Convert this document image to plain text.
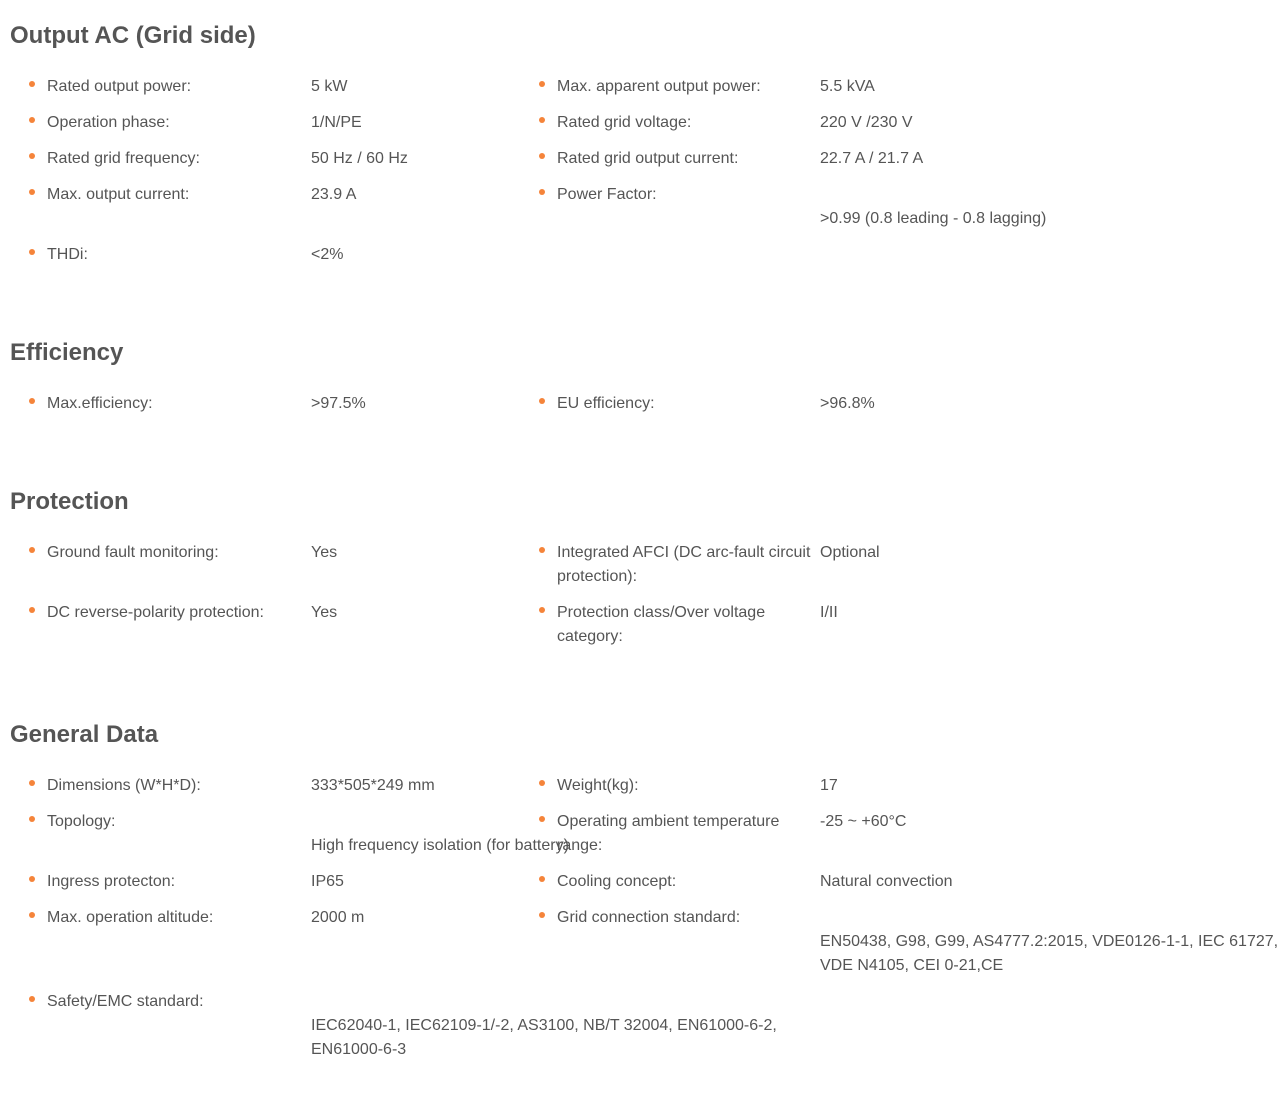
Output AC (Grid side)
Rated output power:	5 kW	Max. apparent output power:	5.5 kVA
Operation phase:	1/N/PE	Rated grid voltage:	220 V /230 V
Rated grid frequency:	50 Hz / 60 Hz	Rated grid output current:	22.7 A / 21.7 A
Max. output current:	23.9 A	Power Factor:
>0.99 (0.8 leading - 0.8 lagging)
THDi:	<2%
Efficiency
Max.efficiency:	>97.5%	EU efficiency:	>96.8%
Protection
Ground fault monitoring:	Yes	Integrated AFCI (DC arc-fault circuit protection):
Optional
DC reverse-polarity protection:	Yes	Protection class/Over voltage category:
I/II
General Data
Dimensions (W*H*D):	333*505*249 mm	Weight(kg):	17
Topology:
High frequency isolation (for battery)
Operating ambient temperature range:
-25 ~ +60°C
Ingress protecton:	IP65	Cooling concept:	Natural convection
Max. operation altitude:	2000 m	Grid connection standard:
EN50438, G98, G99, AS4777.2:2015, VDE0126-1-1, IEC 61727, VDE N4105, CEI 0-21,CE
Safety/EMC standard:
IEC62040-1, IEC62109-1/-2, AS3100, NB/T 32004, EN61000-6-2, EN61000-6-3
